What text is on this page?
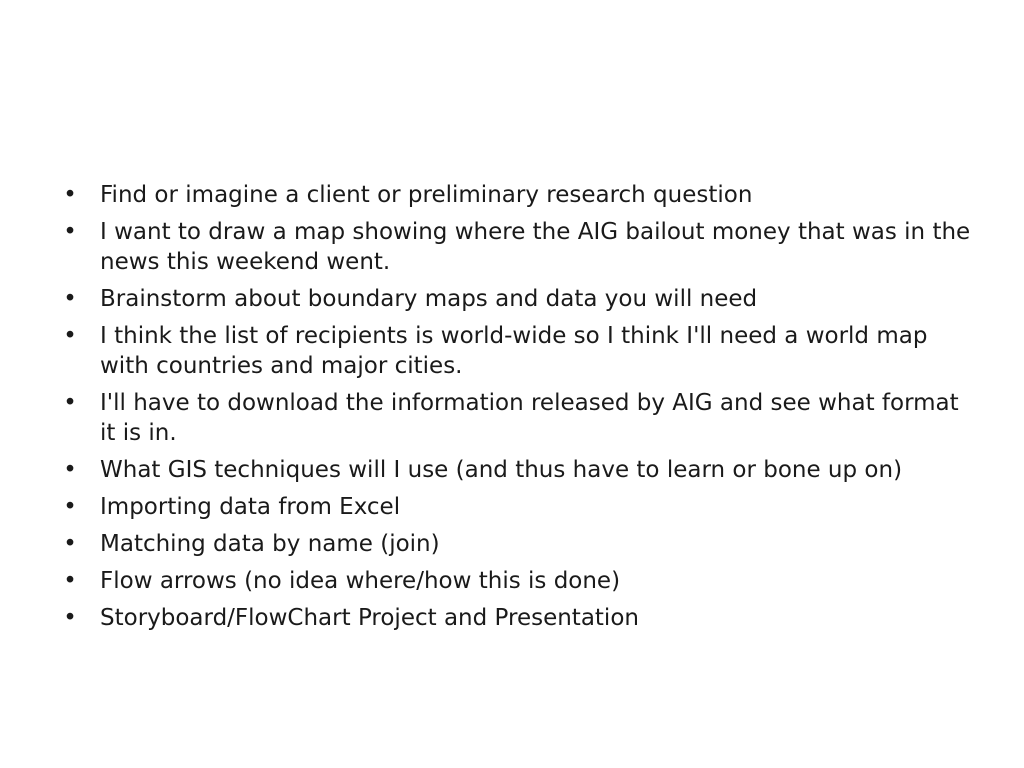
• Find or imagine a client or preliminary research question
• I want to draw a map showing where the AIG bailout money that was in the news this weekend went.
• Brainstorm about boundary maps and data you will need
• I think the list of recipients is world-wide so I think I'll need a world map with countries and major cities.
• I'll have to download the information released by AIG and see what format it is in.
• What GIS techniques will I use (and thus have to learn or bone up on)
• Importing data from Excel
• Matching data by name (join)
• Flow arrows (no idea where/how this is done)
• Storyboard/FlowChart Project and Presentation
